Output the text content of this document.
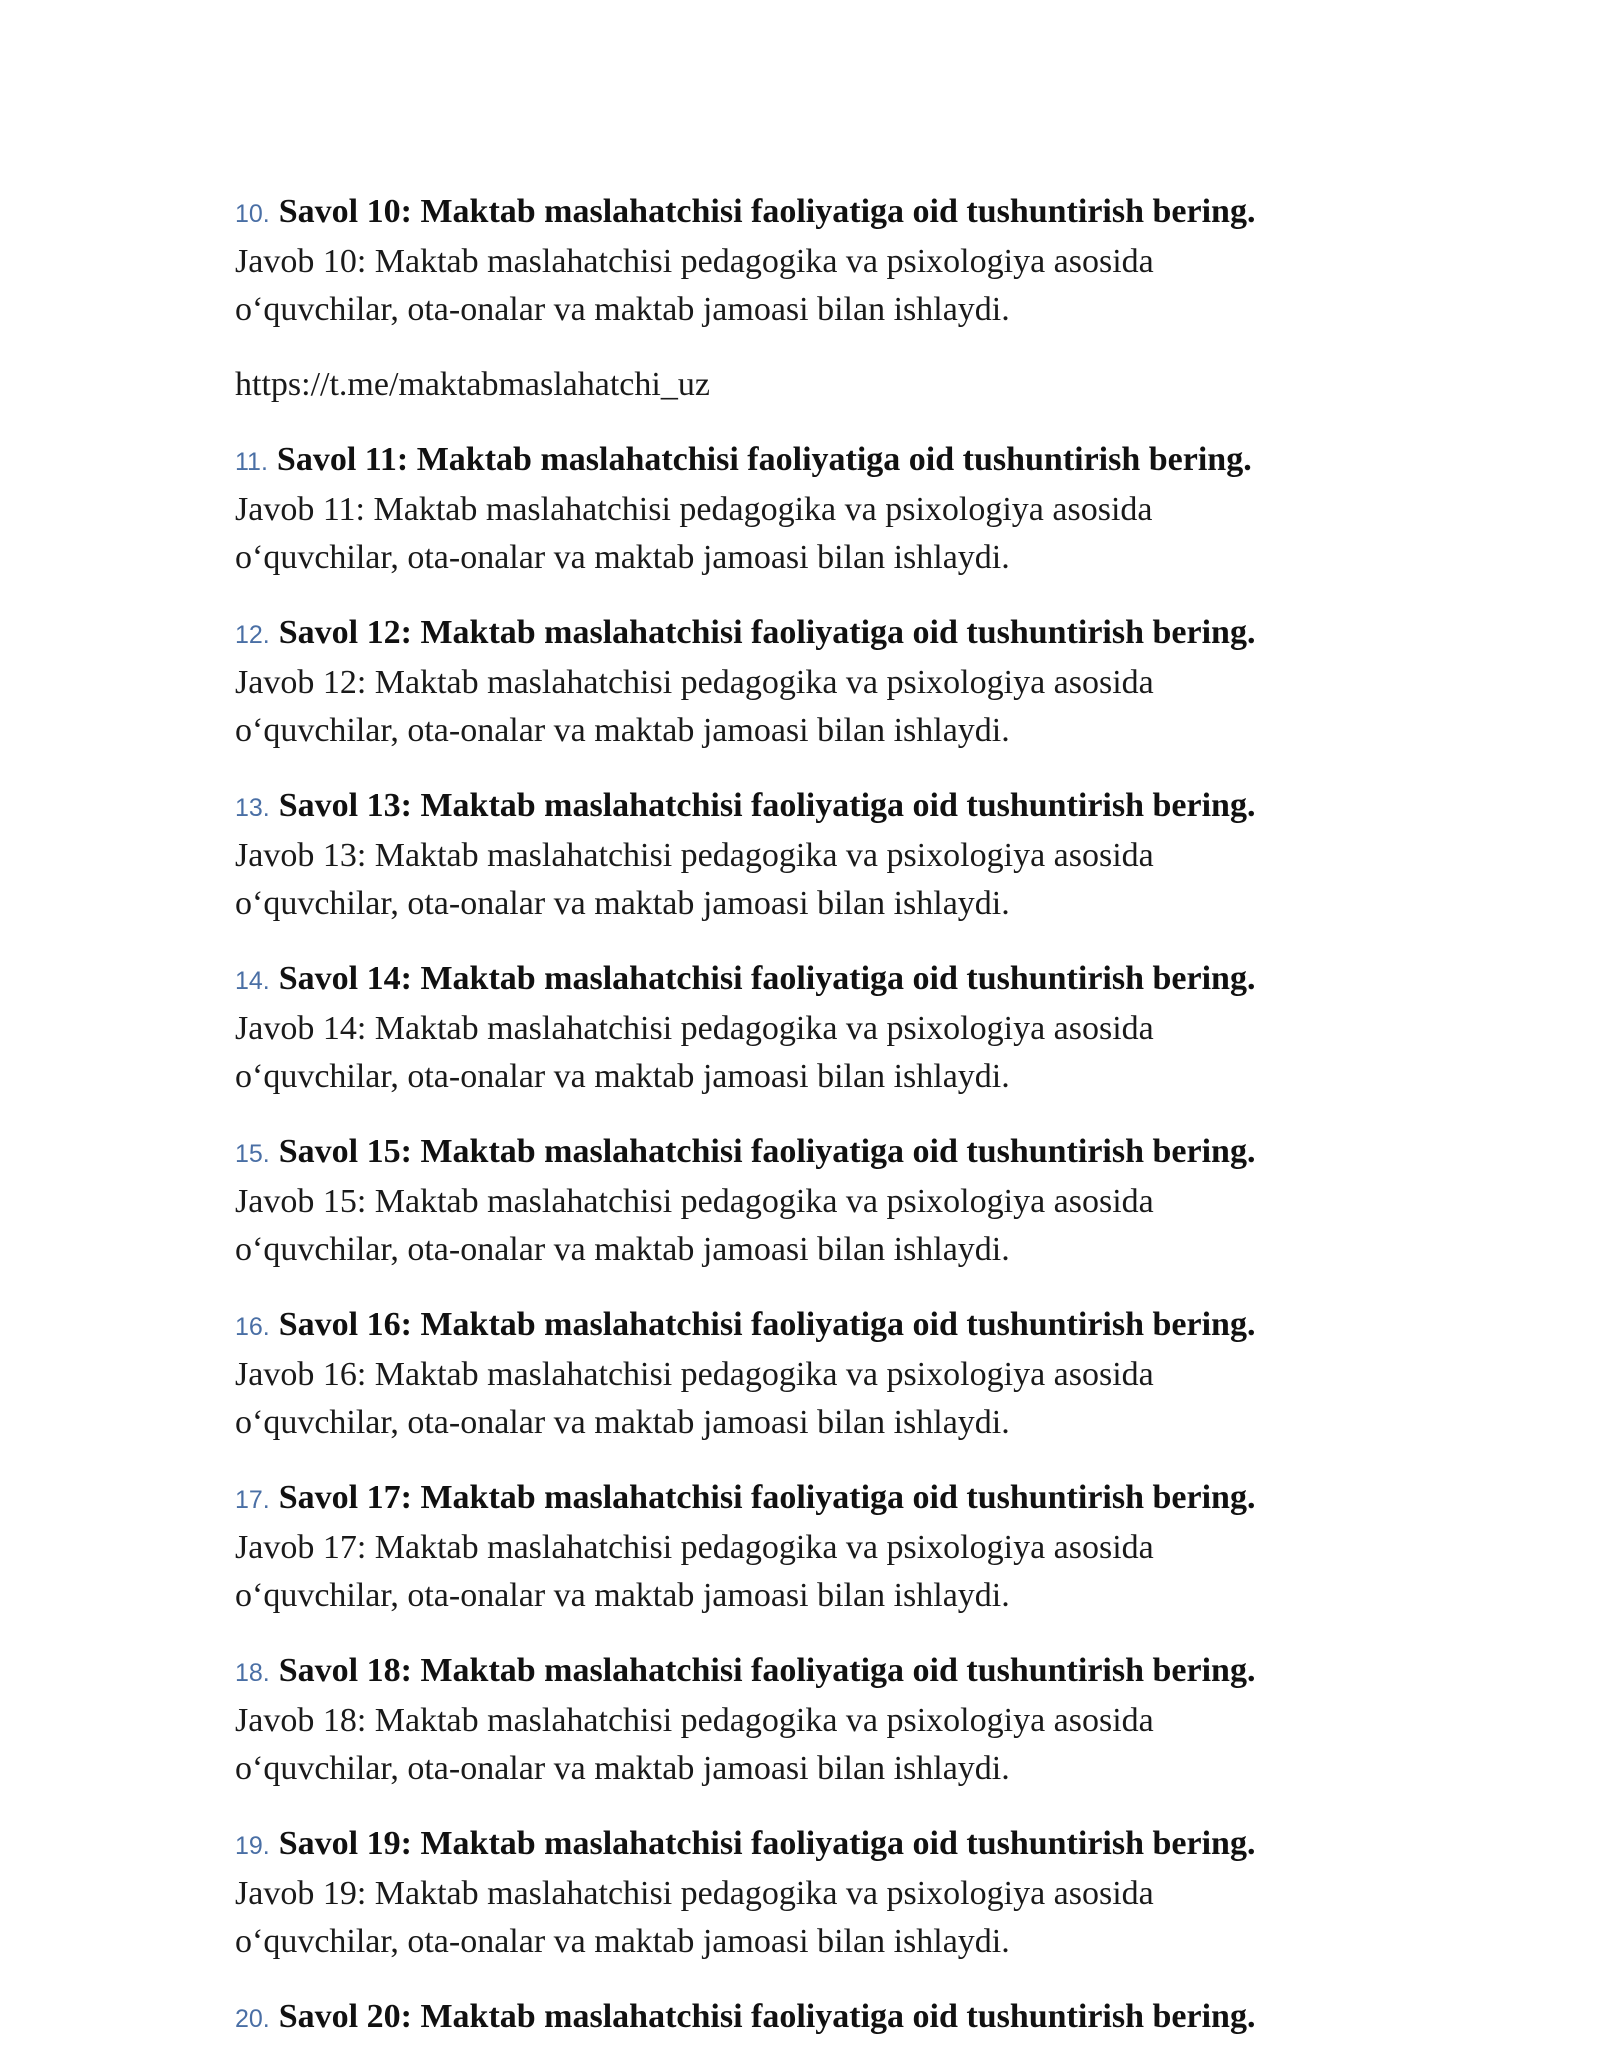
10. Savol 10: Maktab maslahatchisi faoliyatiga oid tushuntirish bering.
Javob 10: Maktab maslahatchisi pedagogika va psixologiya asosida o‘quvchilar, ota-onalar va maktab jamoasi bilan ishlaydi.
https://t.me/maktabmaslahatchi_uz
11. Savol 11: Maktab maslahatchisi faoliyatiga oid tushuntirish bering.
Javob 11: Maktab maslahatchisi pedagogika va psixologiya asosida o‘quvchilar, ota-onalar va maktab jamoasi bilan ishlaydi.
12. Savol 12: Maktab maslahatchisi faoliyatiga oid tushuntirish bering.
Javob 12: Maktab maslahatchisi pedagogika va psixologiya asosida o‘quvchilar, ota-onalar va maktab jamoasi bilan ishlaydi.
13. Savol 13: Maktab maslahatchisi faoliyatiga oid tushuntirish bering.
Javob 13: Maktab maslahatchisi pedagogika va psixologiya asosida o‘quvchilar, ota-onalar va maktab jamoasi bilan ishlaydi.
14. Savol 14: Maktab maslahatchisi faoliyatiga oid tushuntirish bering.
Javob 14: Maktab maslahatchisi pedagogika va psixologiya asosida o‘quvchilar, ota-onalar va maktab jamoasi bilan ishlaydi.
15. Savol 15: Maktab maslahatchisi faoliyatiga oid tushuntirish bering.
Javob 15: Maktab maslahatchisi pedagogika va psixologiya asosida o‘quvchilar, ota-onalar va maktab jamoasi bilan ishlaydi.
16. Savol 16: Maktab maslahatchisi faoliyatiga oid tushuntirish bering.
Javob 16: Maktab maslahatchisi pedagogika va psixologiya asosida o‘quvchilar, ota-onalar va maktab jamoasi bilan ishlaydi.
17. Savol 17: Maktab maslahatchisi faoliyatiga oid tushuntirish bering.
Javob 17: Maktab maslahatchisi pedagogika va psixologiya asosida o‘quvchilar, ota-onalar va maktab jamoasi bilan ishlaydi.
18. Savol 18: Maktab maslahatchisi faoliyatiga oid tushuntirish bering.
Javob 18: Maktab maslahatchisi pedagogika va psixologiya asosida o‘quvchilar, ota-onalar va maktab jamoasi bilan ishlaydi.
19. Savol 19: Maktab maslahatchisi faoliyatiga oid tushuntirish bering.
Javob 19: Maktab maslahatchisi pedagogika va psixologiya asosida o‘quvchilar, ota-onalar va maktab jamoasi bilan ishlaydi.
20. Savol 20: Maktab maslahatchisi faoliyatiga oid tushuntirish bering.
